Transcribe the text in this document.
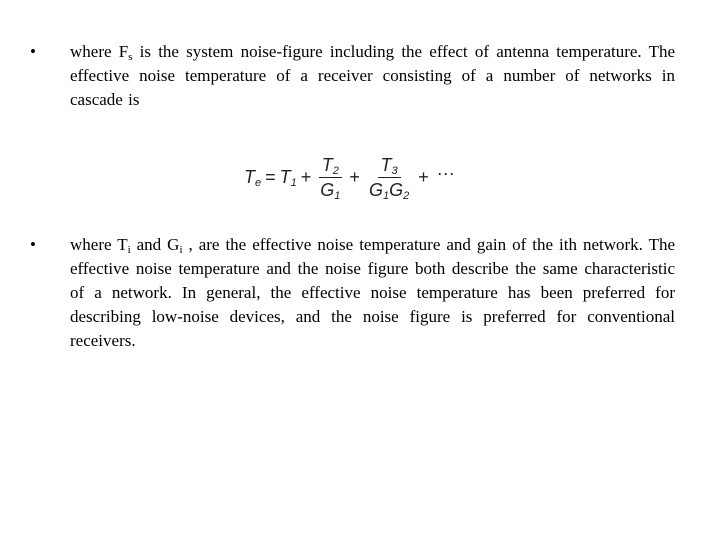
• where $F_s$ is the system noise-figure including the effect of antenna temperature. The effective noise temperature of a receiver consisting of a number of networks in cascade is
$T_e = T_1 + \frac{T_2}{G_1} + \frac{T_3}{G_1G_2}$ + ···
• where $T_i$ and $G_i$ , are the effective noise temperature and gain of the ith network. The effective noise temperature and the noise figure both describe the same characteristic of a network. In general, the effective noise temperature has been preferred for describing low-noise devices, and the noise figure is preferred for conventional receivers.
